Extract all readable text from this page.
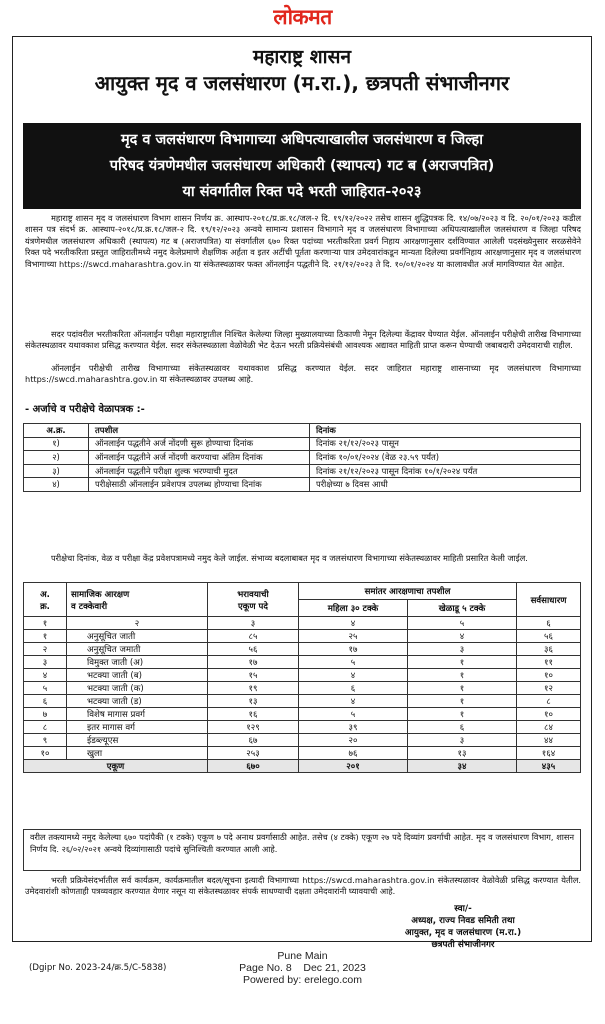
लोकमत
महाराष्ट्र शासन
आयुक्त मृद व जलसंधारण (म.रा.), छत्रपती संभाजीनगर
मृद व जलसंधारण विभागाच्या अधिपत्याखालील जलसंधारण व जिल्हा
परिषद यंत्रणेमधील जलसंधारण अधिकारी (स्थापत्य) गट ब (अराजपत्रित)
या संवर्गातील रिक्त पदे भरती जाहिरात-२०२३
महाराष्ट्र शासन मृद व जलसंधारण विभाग शासन निर्णय क्र. आस्थाप-२०१८/प्र.क्र.१८/जल-२ दि. १९/१२/२०२२ तसेच शासन शुद्धिपत्रक दि. १४/०७/२०२३ व दि. २०/०१/२०२३ कडील शासन पत्र संदर्भ क्र. आस्थाप-२०१८/प्र.क्र.१८/जल-२ दि. १९/१२/२०२३ अन्वये सामान्य प्रशासन विभागाने मृद व जलसंधारण विभागाच्या अधिपत्याखालील जलसंधारण व जिल्हा परिषद यंत्रणेमधील जलसंधारण अधिकारी (स्थापत्य) गट ब (अराजपत्रित) या संवर्गातील ६७० रिक्त पदांच्या भरतीकरिता प्रवर्ग निहाय आरक्षणानुसार दर्शविण्यात आलेली पदसंख्येनुसार सरळसेवेने रिक्त पदे भरतीकरिता प्रस्तुत जाहिरातीमध्ये नमुद केलेप्रमाणे शैक्षणिक अर्हता व इतर अटींची पूर्तता करणाऱ्या पात्र उमेदवारांकडून मान्यता दिलेल्या प्रवर्गनिहाय आरक्षणानुसार मृद व जलसंधारण विभागाच्या https://swcd.maharashtra.gov.in या संकेतस्थळावर फक्त ऑनलाईन पद्धतीने दि. २१/१२/२०२३ ते दि. १०/०१/२०२४ या कालावधीत अर्ज मागविण्यात येत आहेत.
सदर पदांवरील भरतीकरिता ऑनलाईन परीक्षा महाराष्ट्रातील निश्चित केलेल्या जिल्हा मुख्यालयाच्या ठिकाणी नेमून दिलेल्या केंद्रावर घेण्यात येईल. ऑनलाईन परीक्षेची तारीख विभागाच्या संकेतस्थळावर यथावकाश प्रसिद्ध करण्यात येईल. सदर संकेतस्थळाला वेळोवेळी भेट देऊन भरती प्रक्रियेसंबंधी आवश्यक अद्यावत माहिती प्राप्त करून घेण्याची जबाबदारी उमेदवाराची राहील.
ऑनलाईन परीक्षेची तारीख विभागाच्या संकेतस्थळावर यथावकाश प्रसिद्ध करण्यात येईल. सदर जाहिरात महाराष्ट्र शासनाच्या मृद जलसंधारण विभागाच्या https://swcd.maharashtra.gov.in या संकेतस्थळावर उपलब्ध आहे.
- अर्जाचे व परीक्षेचे वेळापत्रक :-
अ.क्र.	तपशील	दिनांक
१)	ऑनलाईन पद्धतीने अर्ज नोंदणी सुरू होण्याचा दिनांक	दिनांक २१/१२/२०२३ पासून
२)	ऑनलाईन पद्धतीने अर्ज नोंदणी करण्याचा अंतिम दिनांक	दिनांक १०/०१/२०२४ (वेळ २३.५९ पर्यंत)
३)	ऑनलाईन पद्धतीने परीक्षा शुल्क भरण्याची मुदत	दिनांक २१/१२/२०२३ पासून दिनांक १०/१/२०२४ पर्यंत
४)	परीक्षेसाठी ऑनलाईन प्रवेशपत्र उपलब्ध होण्याचा दिनांक	परीक्षेच्या ७ दिवस आधी
परीक्षेचा दिनांक, वेळ व परीक्षा केंद्र प्रवेशपत्रामध्ये नमुद केले जाईल. संभाव्य बदलाबाबत मृद व जलसंधारण विभागाच्या संकेतस्थळावर माहिती प्रसारित केली जाईल.
अ.
क्र.	सामाजिक आरक्षण
व टक्केवारी	भरावयाची
एकूण पदे	समांतर आरक्षणाचा तपशील		सर्वसाधारण
			महिला ३० टक्के	खेळाडू ५ टक्के	
१	२	३	४	५	६
१	अनुसूचित जाती	८५	२५	४	५६
२	अनुसूचित जमाती	५६	१७	३	३६
३	विमुक्त जाती (अ)	१७	५	१	११
४	भटक्या जाती (ब)	१५	४	१	१०
५	भटक्या जाती (क)	१९	६	१	१२
६	भटक्या जाती (ड)	१३	४	१	८
७	विशेष मागास प्रवर्ग	१६	५	१	१०
८	इतर मागास वर्ग	१२९	३९	६	८४
९	ईडब्ल्यूएस	६७	२०	३	४४
१०	खुला	२५३	७६	१३	१६४
एकूण		६७०	२०१	३४	४३५
वरील तक्त्यामध्ये नमुद केलेल्या ६७० पदांपैकी (१ टक्के) एकूण ७ पदे अनाथ प्रवर्गासाठी आहेत. तसेच (४ टक्के) एकूण २७ पदे दिव्यांग प्रवर्गाची आहेत. मृद व जलसंधारण विभाग, शासन निर्णय दि. २६/०२/२०२१ अन्वये दिव्यांगासाठी पदांचे सुनिश्चिती करण्यात आली आहे.
भरती प्रक्रियेसंदर्भातील सर्व कार्यक्रम, कार्यक्रमातील बदल/सूचना इत्यादी विभागाच्या https://swcd.maharashtra.gov.in संकेतस्थळावर वेळोवेळी प्रसिद्ध करण्यात येतील. उमेदवारांशी कोणताही पत्रव्यवहार करण्यात येणार नसून या संकेतस्थळावर संपर्क साधण्याची दक्षता उमेदवारांनी घ्यावयाची आहे.
स्वा/-
अध्यक्ष, राज्य निवड समिती तथा
आयुक्त, मृद व जलसंधारण (म.रा.)
छत्रपती संभाजीनगर
(Dgipr No. 2023-24/क्र.5/C-5838)
Pune Main
Page No. 8    Dec 21, 2023
Powered by: erelego.com
